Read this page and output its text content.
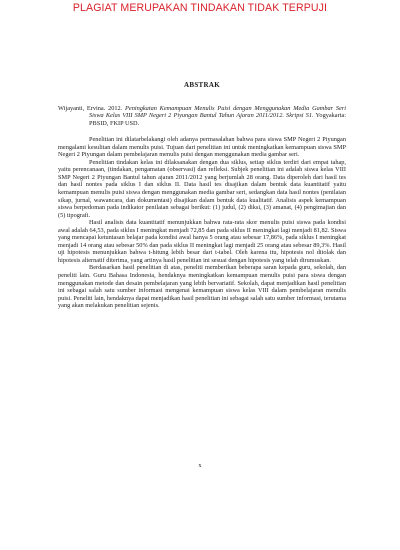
PLAGIAT MERUPAKAN TINDAKAN TIDAK TERPUJI
ABSTRAK
Wijayanti, Ervina. 2012. Peningkatan Kemampuan Menulis Puisi dengan Menggunakan Media Gambar Seri Siswa Kelas VIII SMP Negeri 2 Piyungan Bantul Tahun Ajaran 2011/2012. Skripsi S1. Yogyakarta: PBSID, FKIP USD.

Penelitian ini dilatarbelakangi oleh adanya permasalahan bahwa para siswa SMP Negeri 2 Piyungan mengalami kesulitan dalam menulis puisi. Tujuan dari penelitian ini untuk meningkatkan kemampuan siswa SMP Negeri 2 Piyungan dalam pembelajaran menulis puisi dengan menggunakan media gambar seri.

Penelitian tindakan kelas ini dilaksanakan dengan dua siklus, setiap siklus terdiri dari empat tahap, yaitu perencanaan, (tindakan, pengamatan (observasi) dan refleksi. Subjek penelitian ini adalah siswa kelas VIII SMP Negeri 2 Piyungan Bantul tahun ajaran 2011/2012 yang berjumlah 28 orang. Data diperoleh dari hasil tes dan hasil nontes pada siklus I dan siklus II. Data hasil tes disajikan dalam bentuk data kuantitatif yaitu kemampuan menulis puisi siswa dengan menggunakan media gambar seri, sedangkan data hasil nontes (penilaian sikap, jurnal, wawancara, dan dokumentasi) disajikan dalam bentuk data kualitatif. Analisis aspek kemampuan siswa berpedoman pada indikator penilaian sebagai berikut: (1) judul, (2) diksi, (3) amanat, (4) pengimajian dan (5) tipografi.

Hasil analisis data kuantitatif menunjukkan bahwa rata-rata skor menulis puisi siswa pada kondisi awal adalah 64,53, pada siklus I meningkat menjadi 72,85 dan pada siklus II meningkat lagi menjadi 81,82. Siswa yang mencapai ketuntasan belajar pada kondisi awal hanya 5 orang atau sebesar 17,86%, pada siklus I meningkat menjadi 14 orang atau sebesar 50% dan pada siklus II meningkat lagi menjadi 25 orang atau sebesar 89,3%. Hasil uji hipotesis menunjukkan bahwa t-hitung lebih besar dari t-tabel. Oleh karena itu, hipotesis nol ditolak dan hipotesis alternatif diterima, yang artinya hasil penelitian ini sesuai dengan hipotesis yang telah dirumuskan.

Berdasarkan hasil penelitian di atas, peneliti memberikan beberapa saran kepada guru, sekolah, dan peneliti lain. Guru Bahasa Indonesia, hendaknya meningkatkan kemampuan menulis puisi para siswa dengan menggunakan metode dan desain pembelajaran yang lebih bervariatif. Sekolah, dapat menjadikan hasil penelitian ini sebagai salah satu sumber informasi mengenai kemampuan siswa kelas VIII dalam pembelajaran menulis puisi. Peneliti lain, hendaknya dapat menjadikan hasil penelitian ini sebagai salah satu sumber informasi, terutama yang akan melakukan penelitian sejenis.

x
